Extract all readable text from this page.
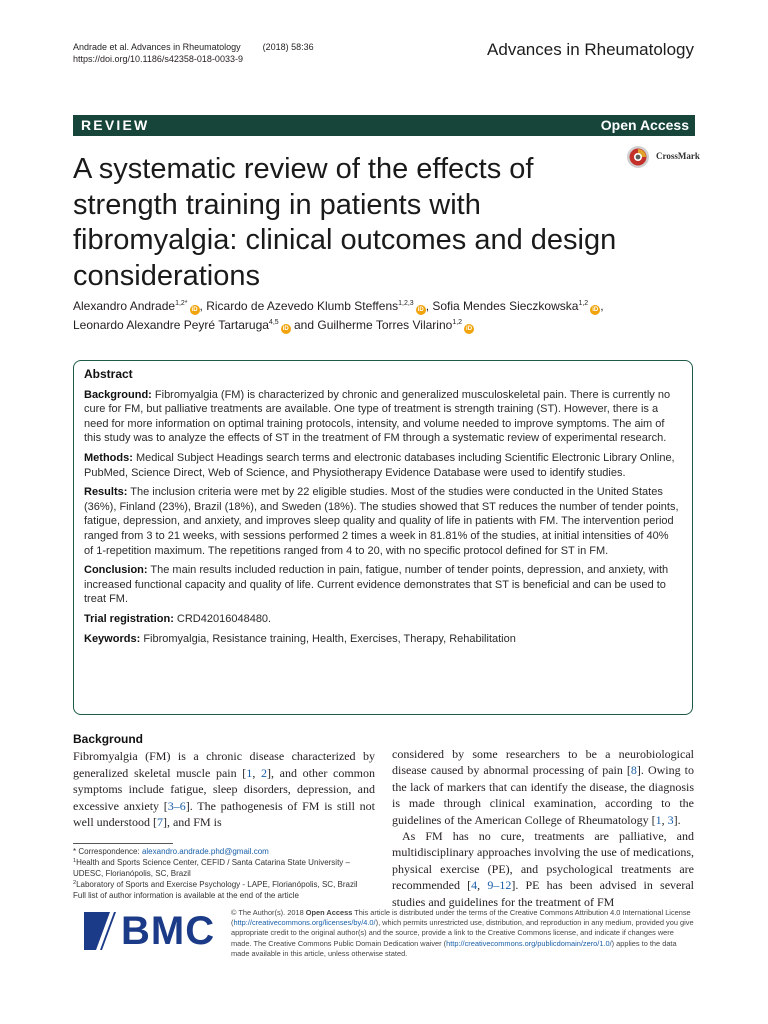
Andrade et al. Advances in Rheumatology (2018) 58:36
https://doi.org/10.1186/s42358-018-0033-9	Advances in Rheumatology
REVIEW	Open Access
CrossMark
A systematic review of the effects of strength training in patients with fibromyalgia: clinical outcomes and design considerations
Alexandro Andrade$^{1,2*}$iD , Ricardo de Azevedo Klumb Steffens$^{1,2,3}$iD , Sofia Mendes Sieczkowska$^{1,2}$iD ,
Leonardo Alexandre Peyré Tartaruga$^{4,5}$iD and Guilherme Torres Vilarino$^{1,2}$iD
Abstract

Background: Fibromyalgia (FM) is characterized by chronic and generalized musculoskeletal pain. There is currently no cure for FM, but palliative treatments are available. One type of treatment is strength training (ST). However, there is a need for more information on optimal training protocols, intensity, and volume needed to improve symptoms. The aim of this study was to analyze the effects of ST in the treatment of FM through a systematic review of experimental research.

Methods: Medical Subject Headings search terms and electronic databases including Scientific Electronic Library Online, PubMed, Science Direct, Web of Science, and Physiotherapy Evidence Database were used to identify studies.

Results: The inclusion criteria were met by 22 eligible studies. Most of the studies were conducted in the United States (36%), Finland (23%), Brazil (18%), and Sweden (18%). The studies showed that ST reduces the number of tender points, fatigue, depression, and anxiety, and improves sleep quality and quality of life in patients with FM. The intervention period ranged from 3 to 21 weeks, with sessions performed 2 times a week in 81.81% of the studies, at initial intensities of 40% of 1-repetition maximum. The repetitions ranged from 4 to 20, with no specific protocol defined for ST in FM.

Conclusion: The main results included reduction in pain, fatigue, number of tender points, depression, and anxiety, with increased functional capacity and quality of life. Current evidence demonstrates that ST is beneficial and can be used to treat FM.

Trial registration: CRD42016048480.

Keywords: Fibromyalgia, Resistance training, Health, Exercises, Therapy, Rehabilitation

Background

Fibromyalgia (FM) is a chronic disease characterized by generalized skeletal muscle pain [1, 2], and other common symptoms include fatigue, sleep disorders, depression, and excessive anxiety [3–6]. The pathogenesis of FM is still not well understood [7], and FM is

considered by some researchers to be a neurobiological disease caused by abnormal processing of pain [8]. Owing to the lack of markers that can identify the disease, the diagnosis is made through clinical examination, according to the guidelines of the American College of Rheumatology [1, 3].

As FM has no cure, treatments are palliative, and multidisciplinary approaches involving the use of medications, physical exercise (PE), and psychological treatments are recommended [4, 9–12]. PE has been advised in several studies and guidelines for the treatment of FM

* Correspondence: alexandro.andrade.phd@gmail.com

$^1$Health and Sports Science Center, CEFID / Santa Catarina State University – UDESC, Florianópolis, SC, Brazil

$^2$Laboratory of Sports and Exercise Psychology - LAPE, Florianópolis, SC, Brazil

Full list of author information is available at the end of the article

BMC © The Author(s). 2018 Open Access This article is distributed under the terms of the Creative Commons Attribution 4.0 International License (http://creativecommons.org/licenses/by/4.0/), which permits unrestricted use, distribution, and reproduction in any medium, provided you give appropriate credit to the original author(s) and the source, provide a link to the Creative Commons license, and indicate if changes were made. The Creative Commons Public Domain Dedication waiver (http://creativecommons.org/publicdomain/zero/1.0/) applies to the data made available in this article, unless otherwise stated.
